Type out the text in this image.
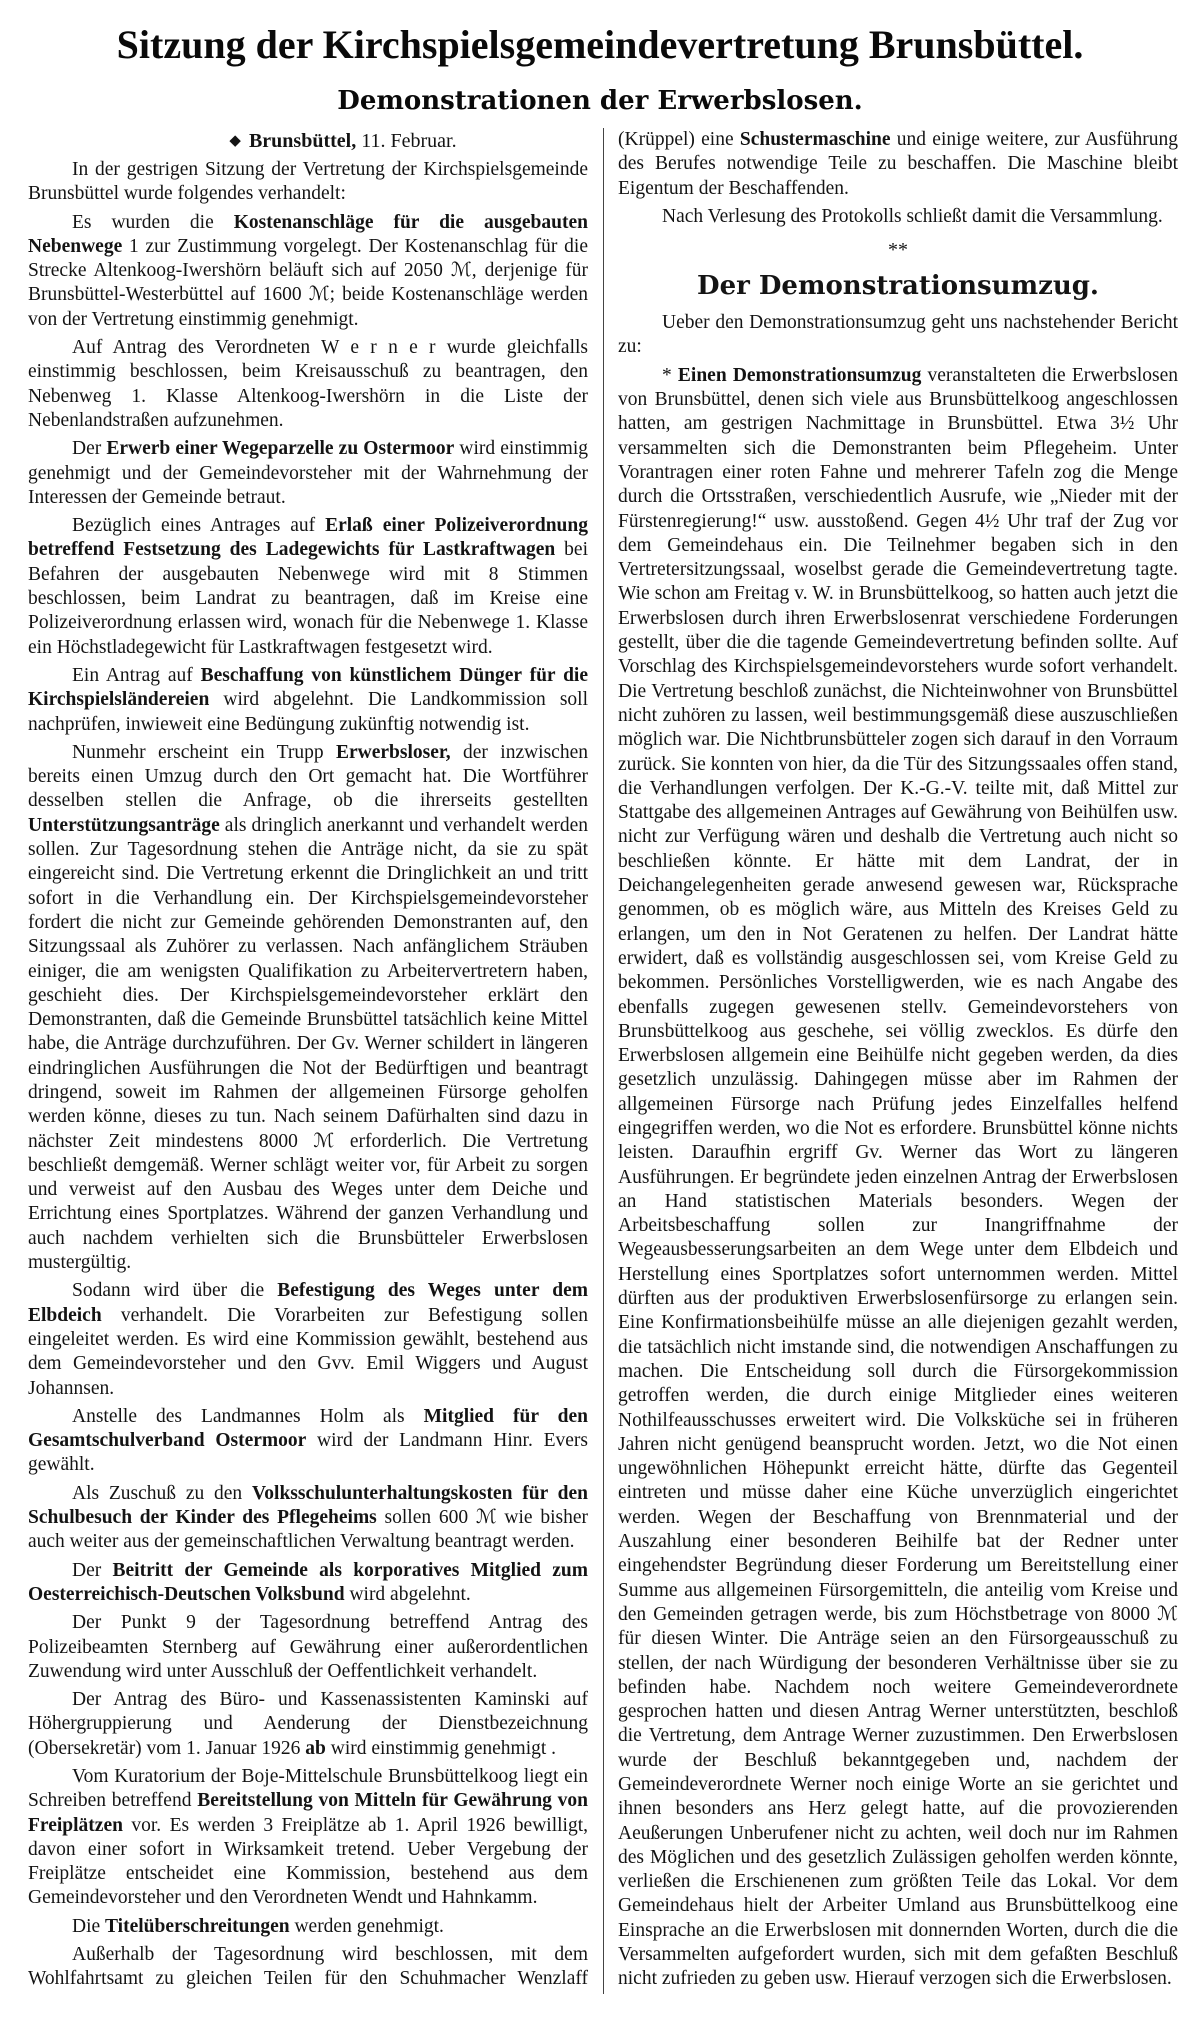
Sitzung der Kirchspielsgemeindevertretung Brunsbüttel.
Demonstrationen der Erwerbslosen.
◆ Brunsbüttel, 11. Februar.

In der gestrigen Sitzung der Vertretung der Kirchspielsgemeinde Brunsbüttel wurde folgendes verhandelt:

Es wurden die Kostenanschläge für die ausgebauten Nebenwege 1 zur Zustimmung vorgelegt. Der Kostenanschlag für die Strecke Altenkoog-Iwershörn beläuft sich auf 2050 ℳ, derjenige für Brunsbüttel-Westerbüttel auf 1600 ℳ; beide Kostenanschläge werden von der Vertretung einstimmig genehmigt.

Auf Antrag des Verordneten W e r n e r wurde gleichfalls einstimmig beschlossen, beim Kreisausschuß zu beantragen, den Nebenweg 1. Klasse Altenkoog-Iwershörn in die Liste der Nebenlandstraßen aufzunehmen.

Der Erwerb einer Wegeparzelle zu Ostermoor wird einstimmig genehmigt und der Gemeindevorsteher mit der Wahrnehmung der Interessen der Gemeinde betraut.

Bezüglich eines Antrages auf Erlaß einer Polizeiverordnung betreffend Festsetzung des Ladegewichts für Lastkraftwagen bei Befahren der ausgebauten Nebenwege wird mit 8 Stimmen beschlossen, beim Landrat zu beantragen, daß im Kreise eine Polizeiverordnung erlassen wird, wonach für die Nebenwege 1. Klasse ein Höchstladegewicht für Lastkraftwagen festgesetzt wird.

Ein Antrag auf Beschaffung von künstlichem Dünger für die Kirchspielsländereien wird abgelehnt. Die Landkommission soll nachprüfen, inwieweit eine Bedüngung zukünftig notwendig ist.

Nunmehr erscheint ein Trupp Erwerbsloser, der inzwischen bereits einen Umzug durch den Ort gemacht hat. Die Wortführer desselben stellen die Anfrage, ob die ihrerseits gestellten Unterstützungsanträge als dringlich anerkannt und verhandelt werden sollen. Zur Tagesordnung stehen die Anträge nicht, da sie zu spät eingereicht sind. Die Vertretung erkennt die Dringlichkeit an und tritt sofort in die Verhandlung ein. Der Kirchspielsgemeindevorsteher fordert die nicht zur Gemeinde gehörenden Demonstranten auf, den Sitzungssaal als Zuhörer zu verlassen. Nach anfänglichem Sträuben einiger, die am wenigsten Qualifikation zu Arbeitervertretern haben, geschieht dies. Der Kirchspielsgemeindevorsteher erklärt den Demonstranten, daß die Gemeinde Brunsbüttel tatsächlich keine Mittel habe, die Anträge durchzuführen. Der Gv. Werner schildert in längeren eindringlichen Ausführungen die Not der Bedürftigen und beantragt dringend, soweit im Rahmen der allgemeinen Fürsorge geholfen werden könne, dieses zu tun. Nach seinem Dafürhalten sind dazu in nächster Zeit mindestens 8000 ℳ erforderlich. Die Vertretung beschließt demgemäß. Werner schlägt weiter vor, für Arbeit zu sorgen und verweist auf den Ausbau des Weges unter dem Deiche und Errichtung eines Sportplatzes. Während der ganzen Verhandlung und auch nachdem verhielten sich die Brunsbütteler Erwerbslosen mustergültig.

Sodann wird über die Befestigung des Weges unter dem Elbdeich verhandelt. Die Vorarbeiten zur Befestigung sollen eingeleitet werden. Es wird eine Kommission gewählt, bestehend aus dem Gemeindevorsteher und den Gvv. Emil Wiggers und August Johannsen.

Anstelle des Landmannes Holm als Mitglied für den Gesamtschulverband Ostermoor wird der Landmann Hinr. Evers gewählt.

Als Zuschuß zu den Volksschulunterhaltungskosten für den Schulbesuch der Kinder des Pflegeheims sollen 600 ℳ wie bisher auch weiter aus der gemeinschaftlichen Verwaltung beantragt werden.

Der Beitritt der Gemeinde als korporatives Mitglied zum Oesterreichisch-Deutschen Volksbund wird abgelehnt.

Der Punkt 9 der Tagesordnung betreffend Antrag des Polizeibeamten Sternberg auf Gewährung einer außerordentlichen Zuwendung wird unter Ausschluß der Oeffentlichkeit verhandelt.

Der Antrag des Büro- und Kassenassistenten Kaminski auf Höhergruppierung und Aenderung der Dienstbezeichnung (Obersekretär) vom 1. Januar 1926 ab wird einstimmig genehmigt .

Vom Kuratorium der Boje-Mittelschule Brunsbüttelkoog liegt ein Schreiben betreffend Bereitstellung von Mitteln für Gewährung von Freiplätzen vor. Es werden 3 Freiplätze ab 1. April 1926 bewilligt, davon einer sofort in Wirksamkeit tretend. Ueber Vergebung der Freiplätze entscheidet eine Kommission, bestehend aus dem Gemeindevorsteher und den Verordneten Wendt und Hahnkamm.

Die Titelüberschreitungen werden genehmigt.

Außerhalb der Tagesordnung wird beschlossen, mit dem Wohlfahrtsamt zu gleichen Teilen für den Schuhmacher Wenzlaff (Krüppel) eine Schustermaschine und einige weitere, zur Ausführung des Berufes notwendige Teile zu beschaffen. Die Maschine bleibt Eigentum der Beschaffenden.

Nach Verlesung des Protokolls schließt damit die Versammlung.

**
Der Demonstrationsumzug.

Ueber den Demonstrationsumzug geht uns nachstehender Bericht zu:

* Einen Demonstrationsumzug veranstalteten die Erwerbslosen von Brunsbüttel, denen sich viele aus Brunsbüttelkoog angeschlossen hatten, am gestrigen Nachmittage in Brunsbüttel. Etwa 3½ Uhr versammelten sich die Demonstranten beim Pflegeheim. Unter Vorantragen einer roten Fahne und mehrerer Tafeln zog die Menge durch die Ortsstraßen, verschiedentlich Ausrufe, wie „Nieder mit der Fürstenregierung!“ usw. ausstoßend. Gegen 4½ Uhr traf der Zug vor dem Gemeindehaus ein. Die Teilnehmer begaben sich in den Vertretersitzungssaal, woselbst gerade die Gemeindevertretung tagte. Wie schon am Freitag v. W. in Brunsbüttelkoog, so hatten auch jetzt die Erwerbslosen durch ihren Erwerbslosenrat verschiedene Forderungen gestellt, über die die tagende Gemeindevertretung befinden sollte. Auf Vorschlag des Kirchspielsgemeindevorstehers wurde sofort verhandelt. Die Vertretung beschloß zunächst, die Nichteinwohner von Brunsbüttel nicht zuhören zu lassen, weil bestimmungsgemäß diese auszuschließen möglich war. Die Nichtbrunsbütteler zogen sich darauf in den Vorraum zurück. Sie konnten von hier, da die Tür des Sitzungssaales offen stand, die Verhandlungen verfolgen. Der K.-G.-V. teilte mit, daß Mittel zur Stattgabe des allgemeinen Antrages auf Gewährung von Beihülfen usw. nicht zur Verfügung wären und deshalb die Vertretung auch nicht so beschließen könnte. Er hätte mit dem Landrat, der in Deichangelegenheiten gerade anwesend gewesen war, Rücksprache genommen, ob es möglich wäre, aus Mitteln des Kreises Geld zu erlangen, um den in Not Geratenen zu helfen. Der Landrat hätte erwidert, daß es vollständig ausgeschlossen sei, vom Kreise Geld zu bekommen. Persönliches Vorstelligwerden, wie es nach Angabe des ebenfalls zugegen gewesenen stellv. Gemeindevorstehers von Brunsbüttelkoog aus geschehe, sei völlig zwecklos. Es dürfe den Erwerbslosen allgemein eine Beihülfe nicht gegeben werden, da dies gesetzlich unzulässig. Dahingegen müsse aber im Rahmen der allgemeinen Fürsorge nach Prüfung jedes Einzelfalles helfend eingegriffen werden, wo die Not es erfordere. Brunsbüttel könne nichts leisten. Daraufhin ergriff Gv. Werner das Wort zu längeren Ausführungen. Er begründete jeden einzelnen Antrag der Erwerbslosen an Hand statistischen Materials besonders. Wegen der Arbeitsbeschaffung sollen zur Inangriffnahme der Wegeausbesserungsarbeiten an dem Wege unter dem Elbdeich und Herstellung eines Sportplatzes sofort unternommen werden. Mittel dürften aus der produktiven Erwerbslosenfürsorge zu erlangen sein. Eine Konfirmationsbeihülfe müsse an alle diejenigen gezahlt werden, die tatsächlich nicht imstande sind, die notwendigen Anschaffungen zu machen. Die Entscheidung soll durch die Fürsorgekommission getroffen werden, die durch einige Mitglieder eines weiteren Nothilfeausschusses erweitert wird. Die Volksküche sei in früheren Jahren nicht genügend beansprucht worden. Jetzt, wo die Not einen ungewöhnlichen Höhepunkt erreicht hätte, dürfte das Gegenteil eintreten und müsse daher eine Küche unverzüglich eingerichtet werden. Wegen der Beschaffung von Brennmaterial und der Auszahlung einer besonderen Beihilfe bat der Redner unter eingehendster Begründung dieser Forderung um Bereitstellung einer Summe aus allgemeinen Fürsorgemitteln, die anteilig vom Kreise und den Gemeinden getragen werde, bis zum Höchstbetrage von 8000 ℳ für diesen Winter. Die Anträge seien an den Fürsorgeausschuß zu stellen, der nach Würdigung der besonderen Verhältnisse über sie zu befinden habe. Nachdem noch weitere Gemeindeverordnete gesprochen hatten und diesen Antrag Werner unterstützten, beschloß die Vertretung, dem Antrage Werner zuzustimmen. Den Erwerbslosen wurde der Beschluß bekanntgegeben und, nachdem der Gemeindeverordnete Werner noch einige Worte an sie gerichtet und ihnen besonders ans Herz gelegt hatte, auf die provozierenden Aeußerungen Unberufener nicht zu achten, weil doch nur im Rahmen des Möglichen und des gesetzlich Zulässigen geholfen werden könnte, verließen die Erschienenen zum größten Teile das Lokal. Vor dem Gemeindehaus hielt der Arbeiter Umland aus Brunsbüttelkoog eine Einsprache an die Erwerbslosen mit donnernden Worten, durch die die Versammelten aufgefordert wurden, sich mit dem gefaßten Beschluß nicht zufrieden zu geben usw. Hierauf verzogen sich die Erwerbslosen.
